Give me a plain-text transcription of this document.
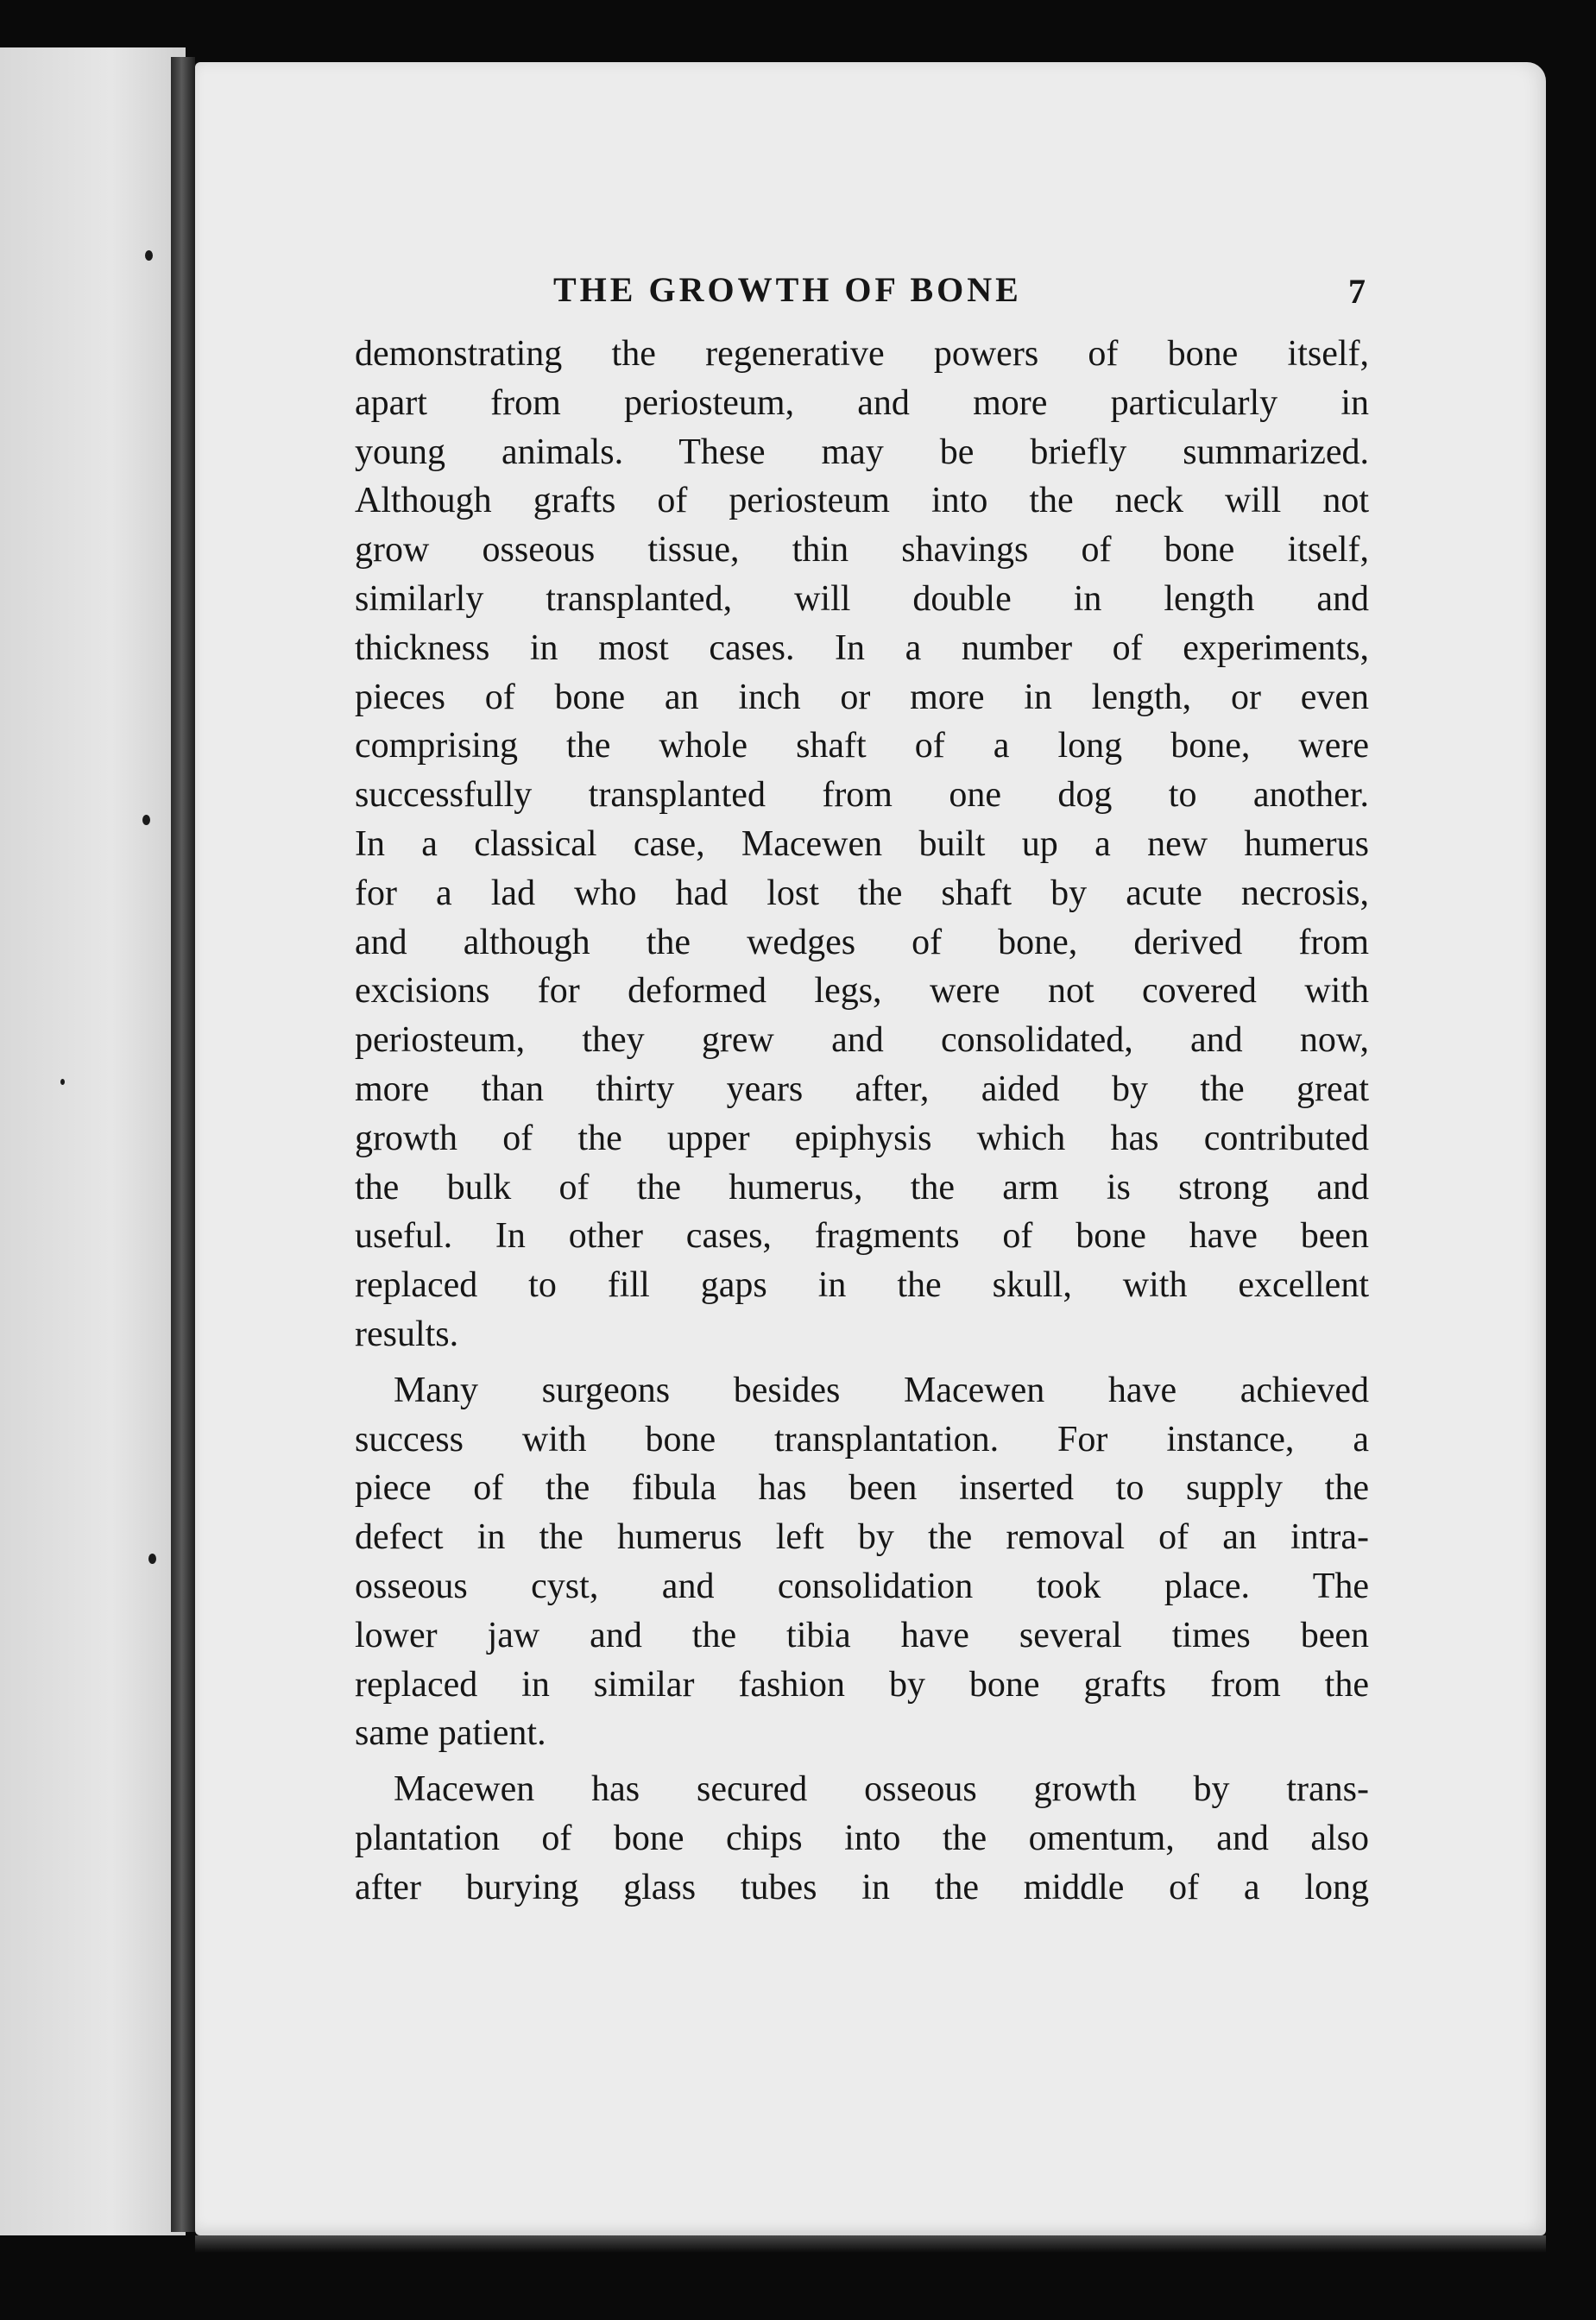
THE GROWTH OF BONE	7
demonstrating the regenerative powers of bone itself,
apart from periosteum, and more particularly in
young animals. These may be briefly summarized.
Although grafts of periosteum into the neck will not
grow osseous tissue, thin shavings of bone itself,
similarly transplanted, will double in length and
thickness in most cases. In a number of experiments,
pieces of bone an inch or more in length, or even
comprising the whole shaft of a long bone, were
successfully transplanted from one dog to another.
In a classical case, Macewen built up a new humerus
for a lad who had lost the shaft by acute necrosis,
and although the wedges of bone, derived from
excisions for deformed legs, were not covered with
periosteum, they grew and consolidated, and now,
more than thirty years after, aided by the great
growth of the upper epiphysis which has contributed
the bulk of the humerus, the arm is strong and
useful. In other cases, fragments of bone have been
replaced to fill gaps in the skull, with excellent
results.
Many surgeons besides Macewen have achieved
success with bone transplantation. For instance, a
piece of the fibula has been inserted to supply the
defect in the humerus left by the removal of an intra-
osseous cyst, and consolidation took place. The
lower jaw and the tibia have several times been
replaced in similar fashion by bone grafts from the
same patient.
Macewen has secured osseous growth by trans-
plantation of bone chips into the omentum, and also
after burying glass tubes in the middle of a long
